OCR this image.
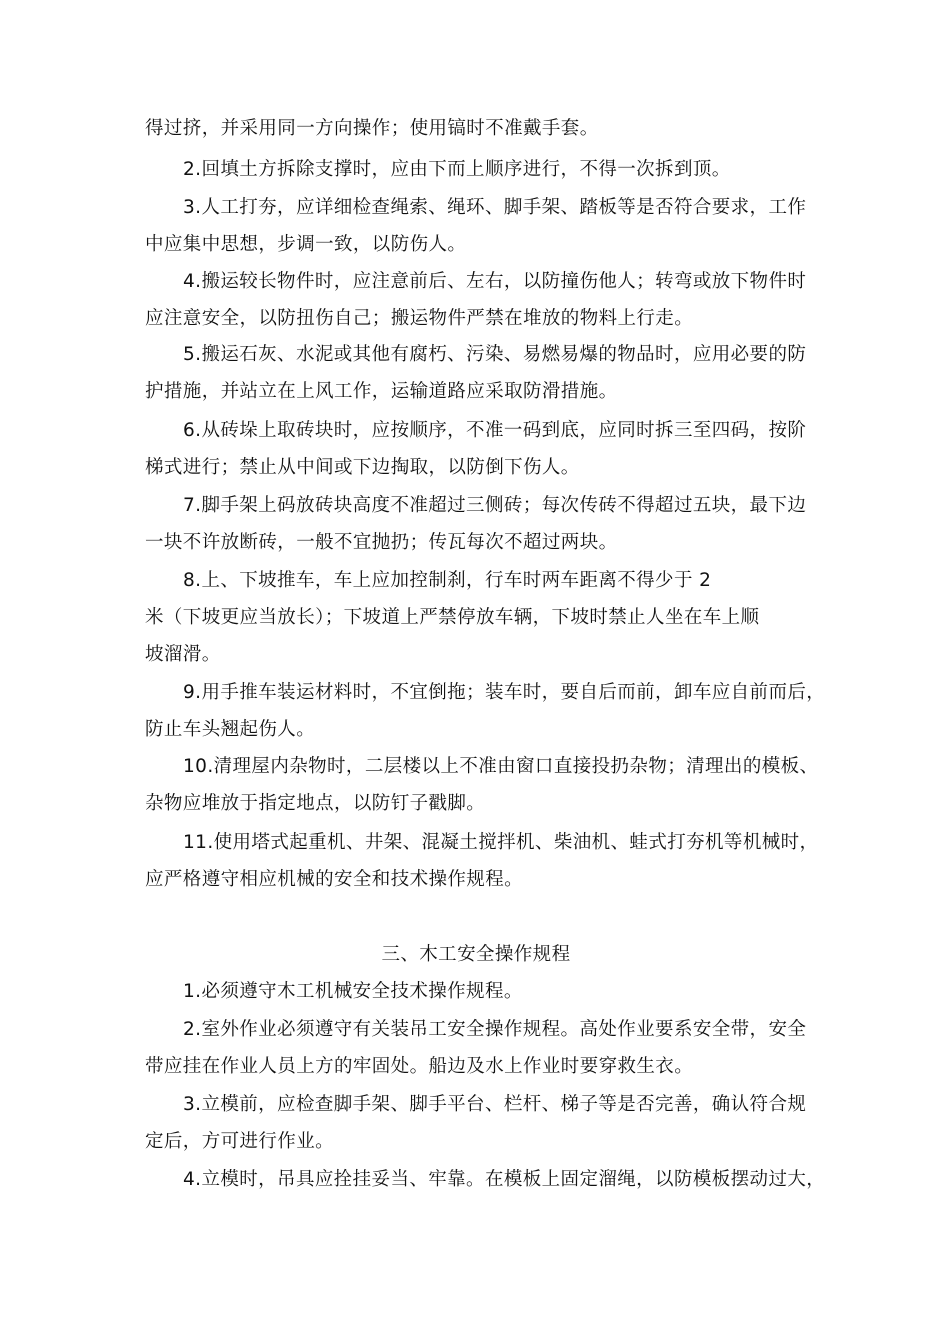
得过挤，并采用同一方向操作；使用镐时不准戴手套。
2.回填土方拆除支撑时，应由下而上顺序进行，不得一次拆到顶。
3.人工打夯，应详细检查绳索、绳环、脚手架、踏板等是否符合要求，工作
中应集中思想，步调一致，以防伤人。
4.搬运较长物件时，应注意前后、左右，以防撞伤他人；转弯或放下物件时
应注意安全，以防扭伤自己；搬运物件严禁在堆放的物料上行走。
5.搬运石灰、水泥或其他有腐朽、污染、易燃易爆的物品时，应用必要的防
护措施，并站立在上风工作，运输道路应采取防滑措施。
6.从砖垛上取砖块时，应按顺序，不准一码到底，应同时拆三至四码，按阶
梯式进行；禁止从中间或下边掏取，以防倒下伤人。
7.脚手架上码放砖块高度不准超过三侧砖；每次传砖不得超过五块，最下边
一块不许放断砖，一般不宜抛扔；传瓦每次不超过两块。
8.上、下坡推车，车上应加控制刹，行车时两车距离不得少于 2
米（下坡更应当放长）；下坡道上严禁停放车辆，下坡时禁止人坐在车上顺
坡溜滑。
9.用手推车装运材料时，不宜倒拖；装车时，要自后而前，卸车应自前而后，
防止车头翘起伤人。
10.清理屋内杂物时，二层楼以上不准由窗口直接投扔杂物；清理出的模板、
杂物应堆放于指定地点，以防钉子戳脚。
11.使用塔式起重机、井架、混凝土搅拌机、柴油机、蛙式打夯机等机械时，
应严格遵守相应机械的安全和技术操作规程。
三、木工安全操作规程
1.必须遵守木工机械安全技术操作规程。
2.室外作业必须遵守有关装吊工安全操作规程。高处作业要系安全带，安全
带应挂在作业人员上方的牢固处。船边及水上作业时要穿救生衣。
3.立模前，应检查脚手架、脚手平台、栏杆、梯子等是否完善，确认符合规
定后，方可进行作业。
4.立模时，吊具应拴挂妥当、牢靠。在模板上固定溜绳，以防模板摆动过大，
